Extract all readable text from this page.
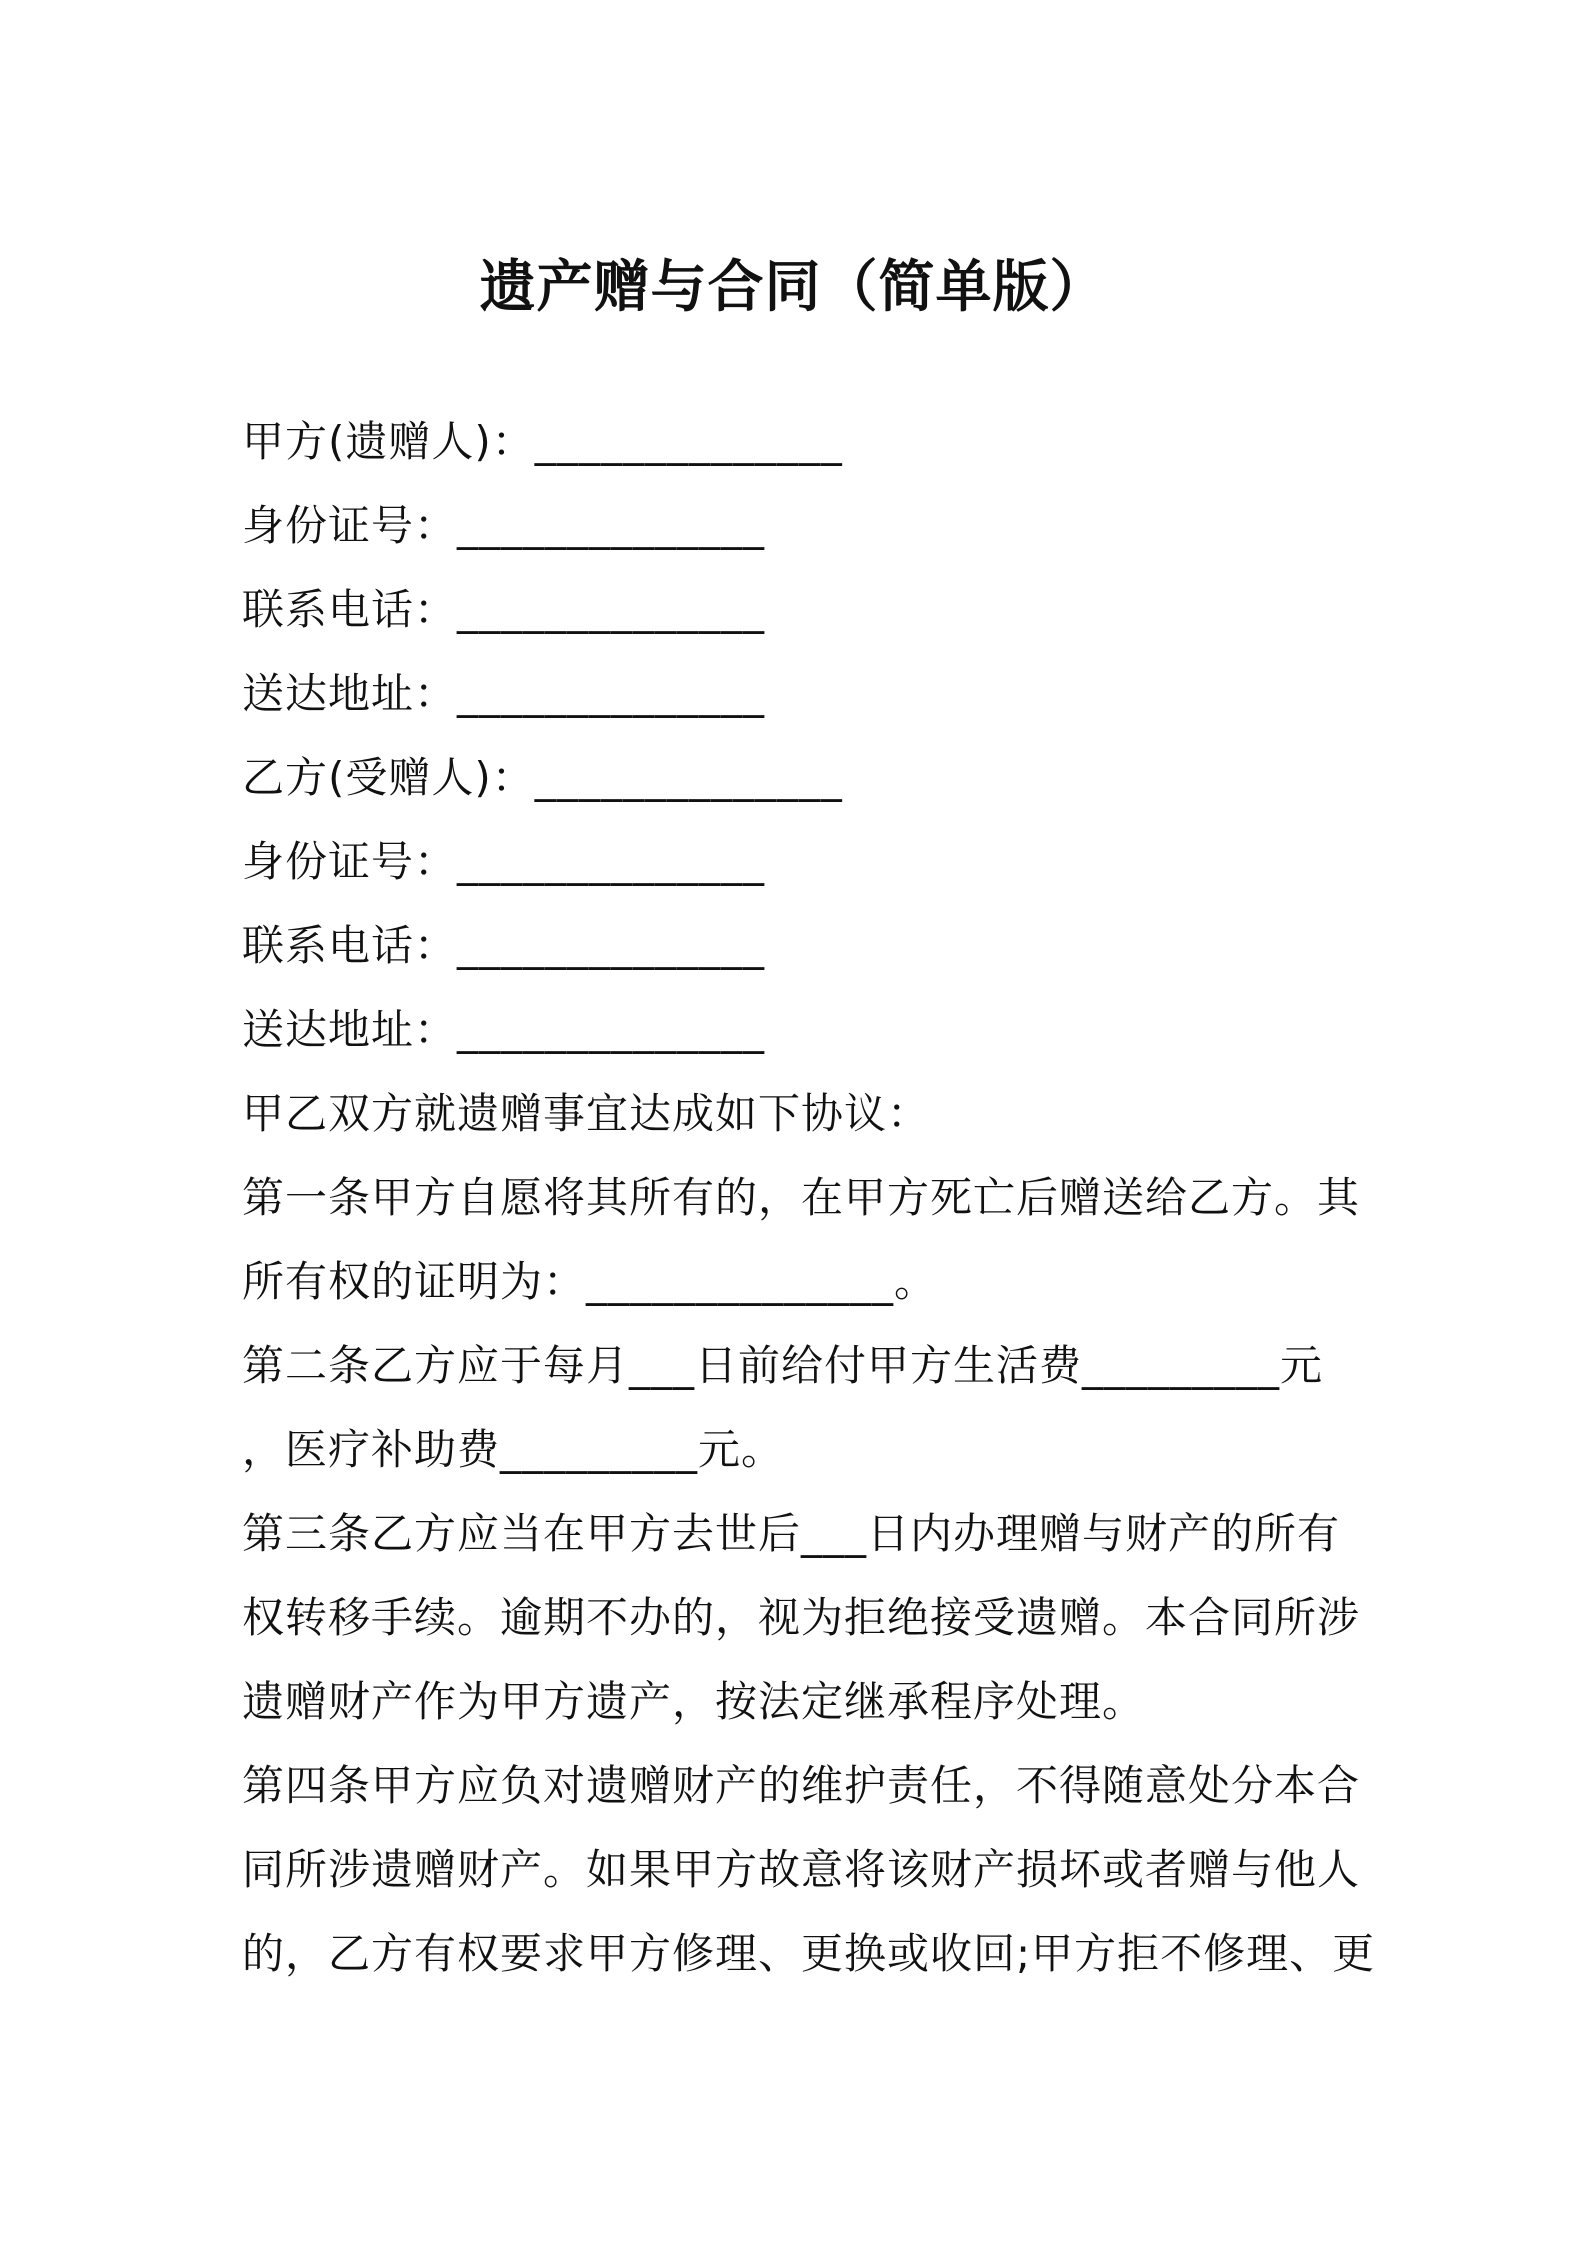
遗产赠与合同（简单版）
甲方(遗赠人)：______________
身份证号：______________
联系电话：______________
送达地址：______________
乙方(受赠人)：______________
身份证号：______________
联系电话：______________
送达地址：______________
甲乙双方就遗赠事宜达成如下协议：
第一条甲方自愿将其所有的，在甲方死亡后赠送给乙方。其
所有权的证明为：______________。
第二条乙方应于每月___日前给付甲方生活费_________元
，医疗补助费_________元。
第三条乙方应当在甲方去世后___日内办理赠与财产的所有
权转移手续。逾期不办的，视为拒绝接受遗赠。本合同所涉
遗赠财产作为甲方遗产，按法定继承程序处理。
第四条甲方应负对遗赠财产的维护责任，不得随意处分本合
同所涉遗赠财产。如果甲方故意将该财产损坏或者赠与他人
的，乙方有权要求甲方修理、更换或收回;甲方拒不修理、更
